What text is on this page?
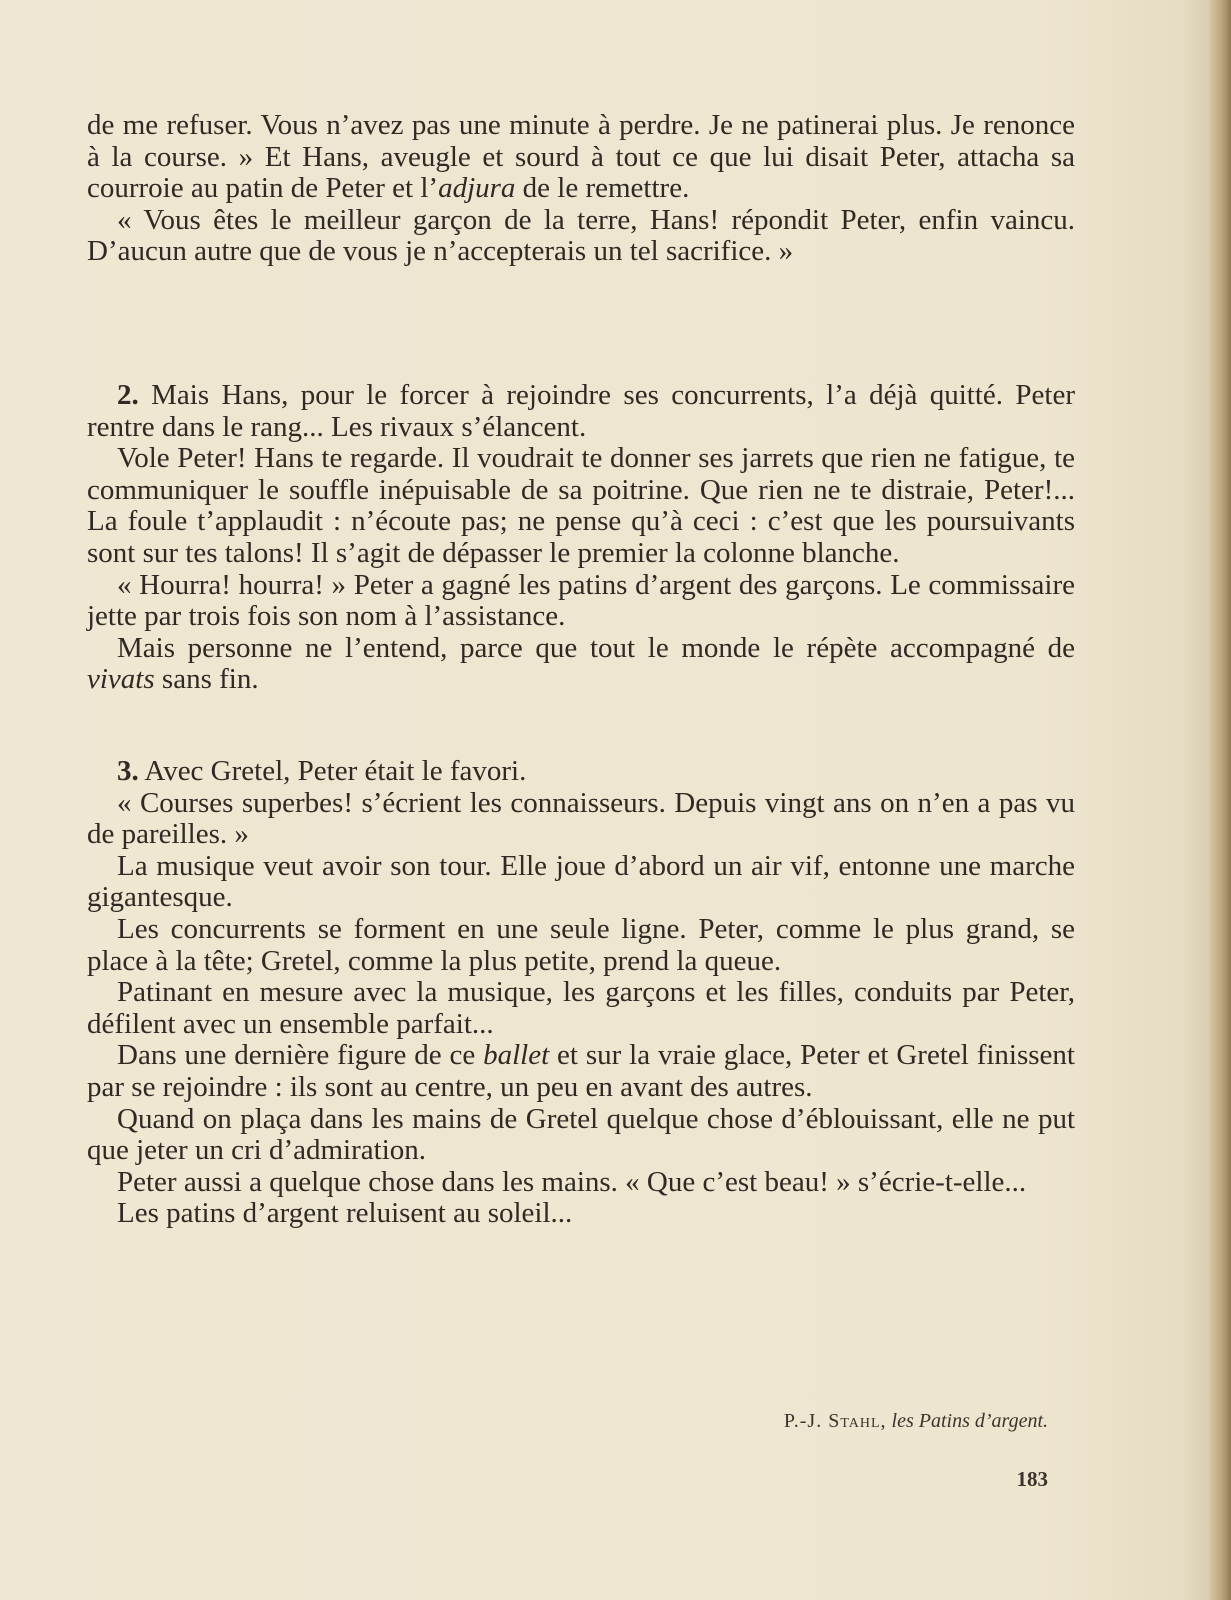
de me refuser. Vous n’avez pas une minute à perdre. Je ne patinerai plus. Je renonce à la course. » Et Hans, aveugle et sourd à tout ce que lui disait Peter, attacha sa courroie au patin de Peter et l’adjura de le remettre.

« Vous êtes le meilleur garçon de la terre, Hans! répondit Peter, enfin vaincu. D’aucun autre que de vous je n’accepterais un tel sacrifice. »

2. Mais Hans, pour le forcer à rejoindre ses concurrents, l’a déjà quitté. Peter rentre dans le rang... Les rivaux s’élancent.

Vole Peter! Hans te regarde. Il voudrait te donner ses jarrets que rien ne fatigue, te communiquer le souffle inépuisable de sa poitrine. Que rien ne te distraie, Peter!... La foule t’applaudit : n’écoute pas; ne pense qu’à ceci : c’est que les poursuivants sont sur tes talons! Il s’agit de dépasser le premier la colonne blanche.

« Hourra! hourra! » Peter a gagné les patins d’argent des garçons. Le commissaire jette par trois fois son nom à l’assistance.

Mais personne ne l’entend, parce que tout le monde le répète accompagné de vivats sans fin.

3. Avec Gretel, Peter était le favori.

« Courses superbes! s’écrient les connaisseurs. Depuis vingt ans on n’en a pas vu de pareilles. »

La musique veut avoir son tour. Elle joue d’abord un air vif, entonne une marche gigantesque.

Les concurrents se forment en une seule ligne. Peter, comme le plus grand, se place à la tête; Gretel, comme la plus petite, prend la queue.

Patinant en mesure avec la musique, les garçons et les filles, conduits par Peter, défilent avec un ensemble parfait...

Dans une dernière figure de ce ballet et sur la vraie glace, Peter et Gretel finissent par se rejoindre : ils sont au centre, un peu en avant des autres.

Quand on plaça dans les mains de Gretel quelque chose d’éblouissant, elle ne put que jeter un cri d’admiration.

Peter aussi a quelque chose dans les mains. « Que c’est beau! » s’écrie-t-elle...

Les patins d’argent reluisent au soleil...

P.-J. Stahl, les Patins d’argent.
183
